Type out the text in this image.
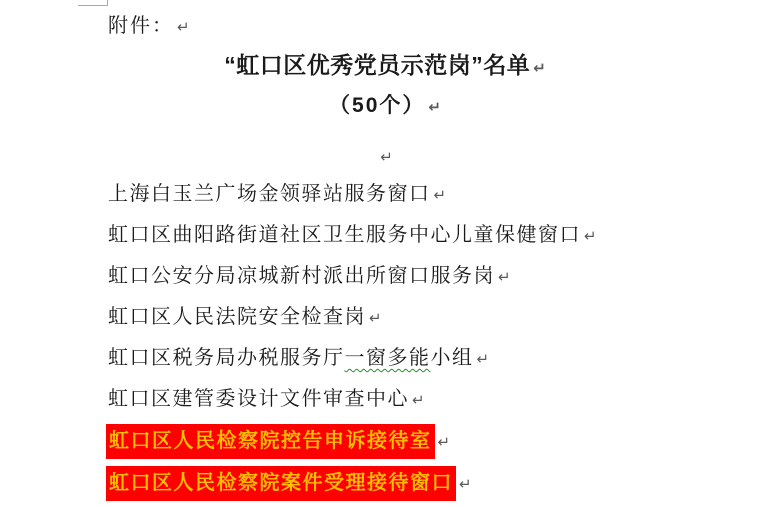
附件： ↵
“虹口区优秀党员示范岗”名单 ↵
（50个） ↵
↵
上海白玉兰广场金领驿站服务窗口 ↵
虹口区曲阳路街道社区卫生服务中心儿童保健窗口 ↵
虹口公安分局凉城新村派出所窗口服务岗 ↵
虹口区人民法院安全检查岗 ↵
虹口区税务局办税服务厅一窗多能小组 ↵
虹口区建管委设计文件审查中心 ↵
虹口区人民检察院控告申诉接待室 ↵
虹口区人民检察院案件受理接待窗口 ↵
